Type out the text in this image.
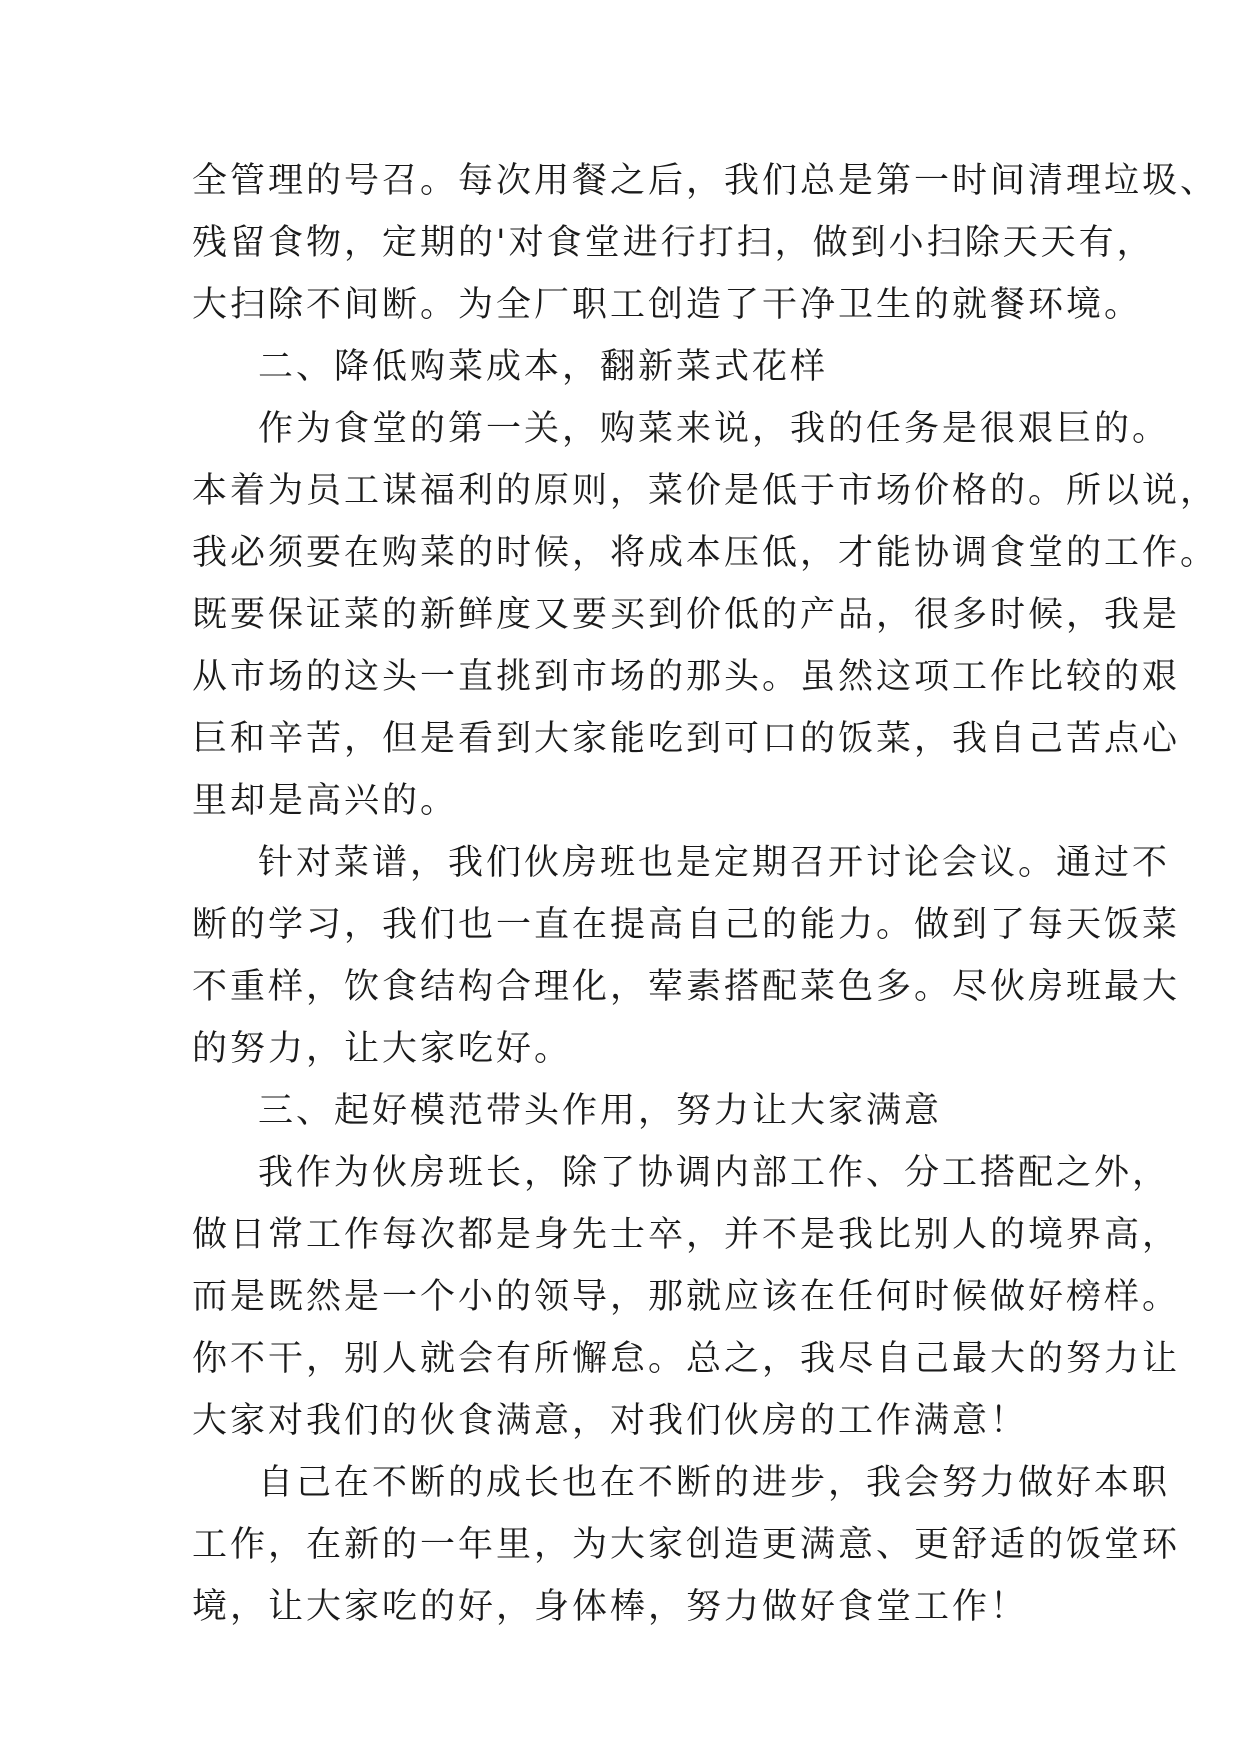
全管理的号召。每次用餐之后，我们总是第一时间清理垃圾、
残留食物，定期的'对食堂进行打扫，做到小扫除天天有，
大扫除不间断。为全厂职工创造了干净卫生的就餐环境。
二、降低购菜成本，翻新菜式花样
作为食堂的第一关，购菜来说，我的任务是很艰巨的。
本着为员工谋福利的原则，菜价是低于市场价格的。所以说，
我必须要在购菜的时候，将成本压低，才能协调食堂的工作。
既要保证菜的新鲜度又要买到价低的产品，很多时候，我是
从市场的这头一直挑到市场的那头。虽然这项工作比较的艰
巨和辛苦，但是看到大家能吃到可口的饭菜，我自己苦点心
里却是高兴的。
针对菜谱，我们伙房班也是定期召开讨论会议。通过不
断的学习，我们也一直在提高自己的能力。做到了每天饭菜
不重样，饮食结构合理化，荤素搭配菜色多。尽伙房班最大
的努力，让大家吃好。
三、起好模范带头作用，努力让大家满意
我作为伙房班长，除了协调内部工作、分工搭配之外，
做日常工作每次都是身先士卒，并不是我比别人的境界高，
而是既然是一个小的领导，那就应该在任何时候做好榜样。
你不干，别人就会有所懈怠。总之，我尽自己最大的努力让
大家对我们的伙食满意，对我们伙房的工作满意！
自己在不断的成长也在不断的进步，我会努力做好本职
工作，在新的一年里，为大家创造更满意、更舒适的饭堂环
境，让大家吃的好，身体棒，努力做好食堂工作！
